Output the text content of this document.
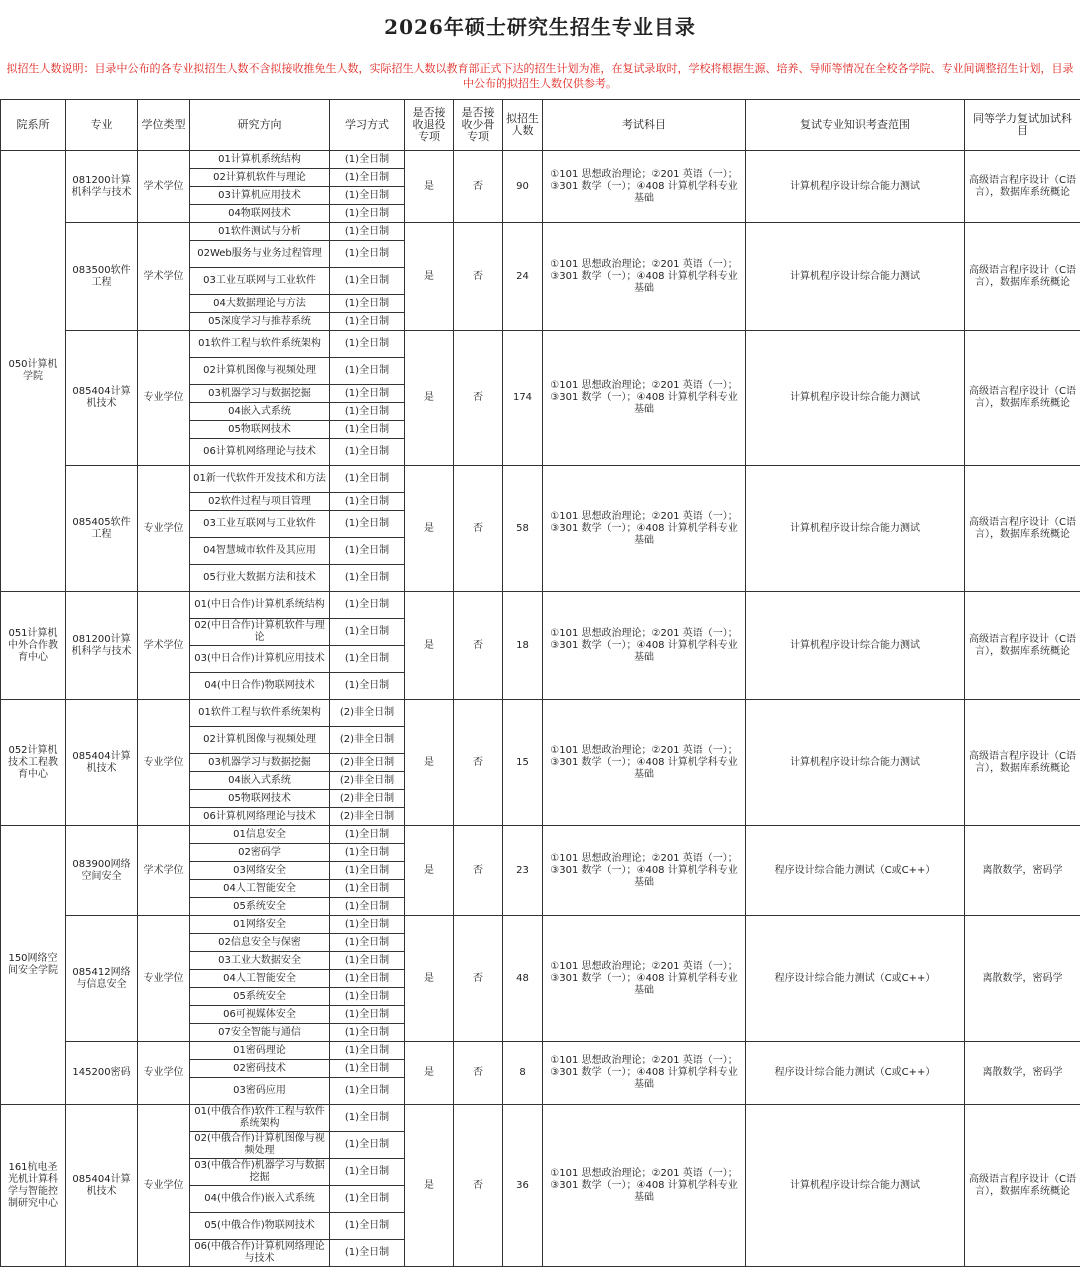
2026年硕士研究生招生专业目录
拟招生人数说明：目录中公布的各专业拟招生人数不含拟接收推免生人数，实际招生人数以教育部正式下达的招生计划为准，在复试录取时，学校将根据生源、培养、导师等情况在全校各学院、专业间调整招生计划，目录中公布的拟招生人数仅供参考。
院系所	专业	学位类型	研究方向	学习方式	是否接收退役专项	是否接收少骨专项	拟招生人数	考试科目	复试专业知识考查范围	同等学力复试加试科目
050计算机学院	081200计算机科学与技术	学术学位	01计算机系统结构	(1)全日制	是	否	90	①101 思想政治理论；②201 英语（一）；③301 数学（一）；④408 计算机学科专业基础	计算机程序设计综合能力测试	高级语言程序设计（C语言），数据库系统概论
			02计算机软件与理论	(1)全日制						
			03计算机应用技术	(1)全日制						
			04物联网技术	(1)全日制						
	083500软件工程	学术学位	01软件测试与分析	(1)全日制	是	否	24	①101 思想政治理论；②201 英语（一）；③301 数学（一）；④408 计算机学科专业基础	计算机程序设计综合能力测试	高级语言程序设计（C语言），数据库系统概论
			02Web服务与业务过程管理	(1)全日制						
			03工业互联网与工业软件	(1)全日制						
			04大数据理论与方法	(1)全日制						
			05深度学习与推荐系统	(1)全日制						
	085404计算机技术	专业学位	01软件工程与软件系统架构	(1)全日制	是	否	174	①101 思想政治理论；②201 英语（一）；③301 数学（一）；④408 计算机学科专业基础	计算机程序设计综合能力测试	高级语言程序设计（C语言），数据库系统概论
			02计算机图像与视频处理	(1)全日制						
			03机器学习与数据挖掘	(1)全日制						
			04嵌入式系统	(1)全日制						
			05物联网技术	(1)全日制						
			06计算机网络理论与技术	(1)全日制						
	085405软件工程	专业学位	01新一代软件开发技术和方法	(1)全日制	是	否	58	①101 思想政治理论；②201 英语（一）；③301 数学（一）；④408 计算机学科专业基础	计算机程序设计综合能力测试	高级语言程序设计（C语言），数据库系统概论
			02软件过程与项目管理	(1)全日制						
			03工业互联网与工业软件	(1)全日制						
			04智慧城市软件及其应用	(1)全日制						
			05行业大数据方法和技术	(1)全日制						
051计算机中外合作教育中心	081200计算机科学与技术	学术学位	01(中日合作)计算机系统结构	(1)全日制	是	否	18	①101 思想政治理论；②201 英语（一）；③301 数学（一）；④408 计算机学科专业基础	计算机程序设计综合能力测试	高级语言程序设计（C语言），数据库系统概论
			02(中日合作)计算机软件与理论	(1)全日制						
			03(中日合作)计算机应用技术	(1)全日制						
			04(中日合作)物联网技术	(1)全日制						
052计算机技术工程教育中心	085404计算机技术	专业学位	01软件工程与软件系统架构	(2)非全日制	是	否	15	①101 思想政治理论；②201 英语（一）；③301 数学（一）；④408 计算机学科专业基础	计算机程序设计综合能力测试	高级语言程序设计（C语言），数据库系统概论
			02计算机图像与视频处理	(2)非全日制						
			03机器学习与数据挖掘	(2)非全日制						
			04嵌入式系统	(2)非全日制						
			05物联网技术	(2)非全日制						
			06计算机网络理论与技术	(2)非全日制						
150网络空间安全学院	083900网络空间安全	学术学位	01信息安全	(1)全日制	是	否	23	①101 思想政治理论；②201 英语（一）；③301 数学（一）；④408 计算机学科专业基础	程序设计综合能力测试（C或C++）	离散数学，密码学
			02密码学	(1)全日制						
			03网络安全	(1)全日制						
			04人工智能安全	(1)全日制						
			05系统安全	(1)全日制						
	085412网络与信息安全	专业学位	01网络安全	(1)全日制	是	否	48	①101 思想政治理论；②201 英语（一）；③301 数学（一）；④408 计算机学科专业基础	程序设计综合能力测试（C或C++）	离散数学，密码学
			02信息安全与保密	(1)全日制						
			03工业大数据安全	(1)全日制						
			04人工智能安全	(1)全日制						
			05系统安全	(1)全日制						
			06可视媒体安全	(1)全日制						
			07安全智能与通信	(1)全日制						
	145200密码	专业学位	01密码理论	(1)全日制	是	否	8	①101 思想政治理论；②201 英语（一）；③301 数学（一）；④408 计算机学科专业基础	程序设计综合能力测试（C或C++）	离散数学，密码学
			02密码技术	(1)全日制						
			03密码应用	(1)全日制						
161杭电圣光机计算科学与智能控制研究中心	085404计算机技术	专业学位	01(中俄合作)软件工程与软件系统架构	(1)全日制	是	否	36	①101 思想政治理论；②201 英语（一）；③301 数学（一）；④408 计算机学科专业基础	计算机程序设计综合能力测试	高级语言程序设计（C语言），数据库系统概论
			02(中俄合作)计算机图像与视频处理	(1)全日制						
			03(中俄合作)机器学习与数据挖掘	(1)全日制						
			04(中俄合作)嵌入式系统	(1)全日制						
			05(中俄合作)物联网技术	(1)全日制						
			06(中俄合作)计算机网络理论与技术	(1)全日制						
